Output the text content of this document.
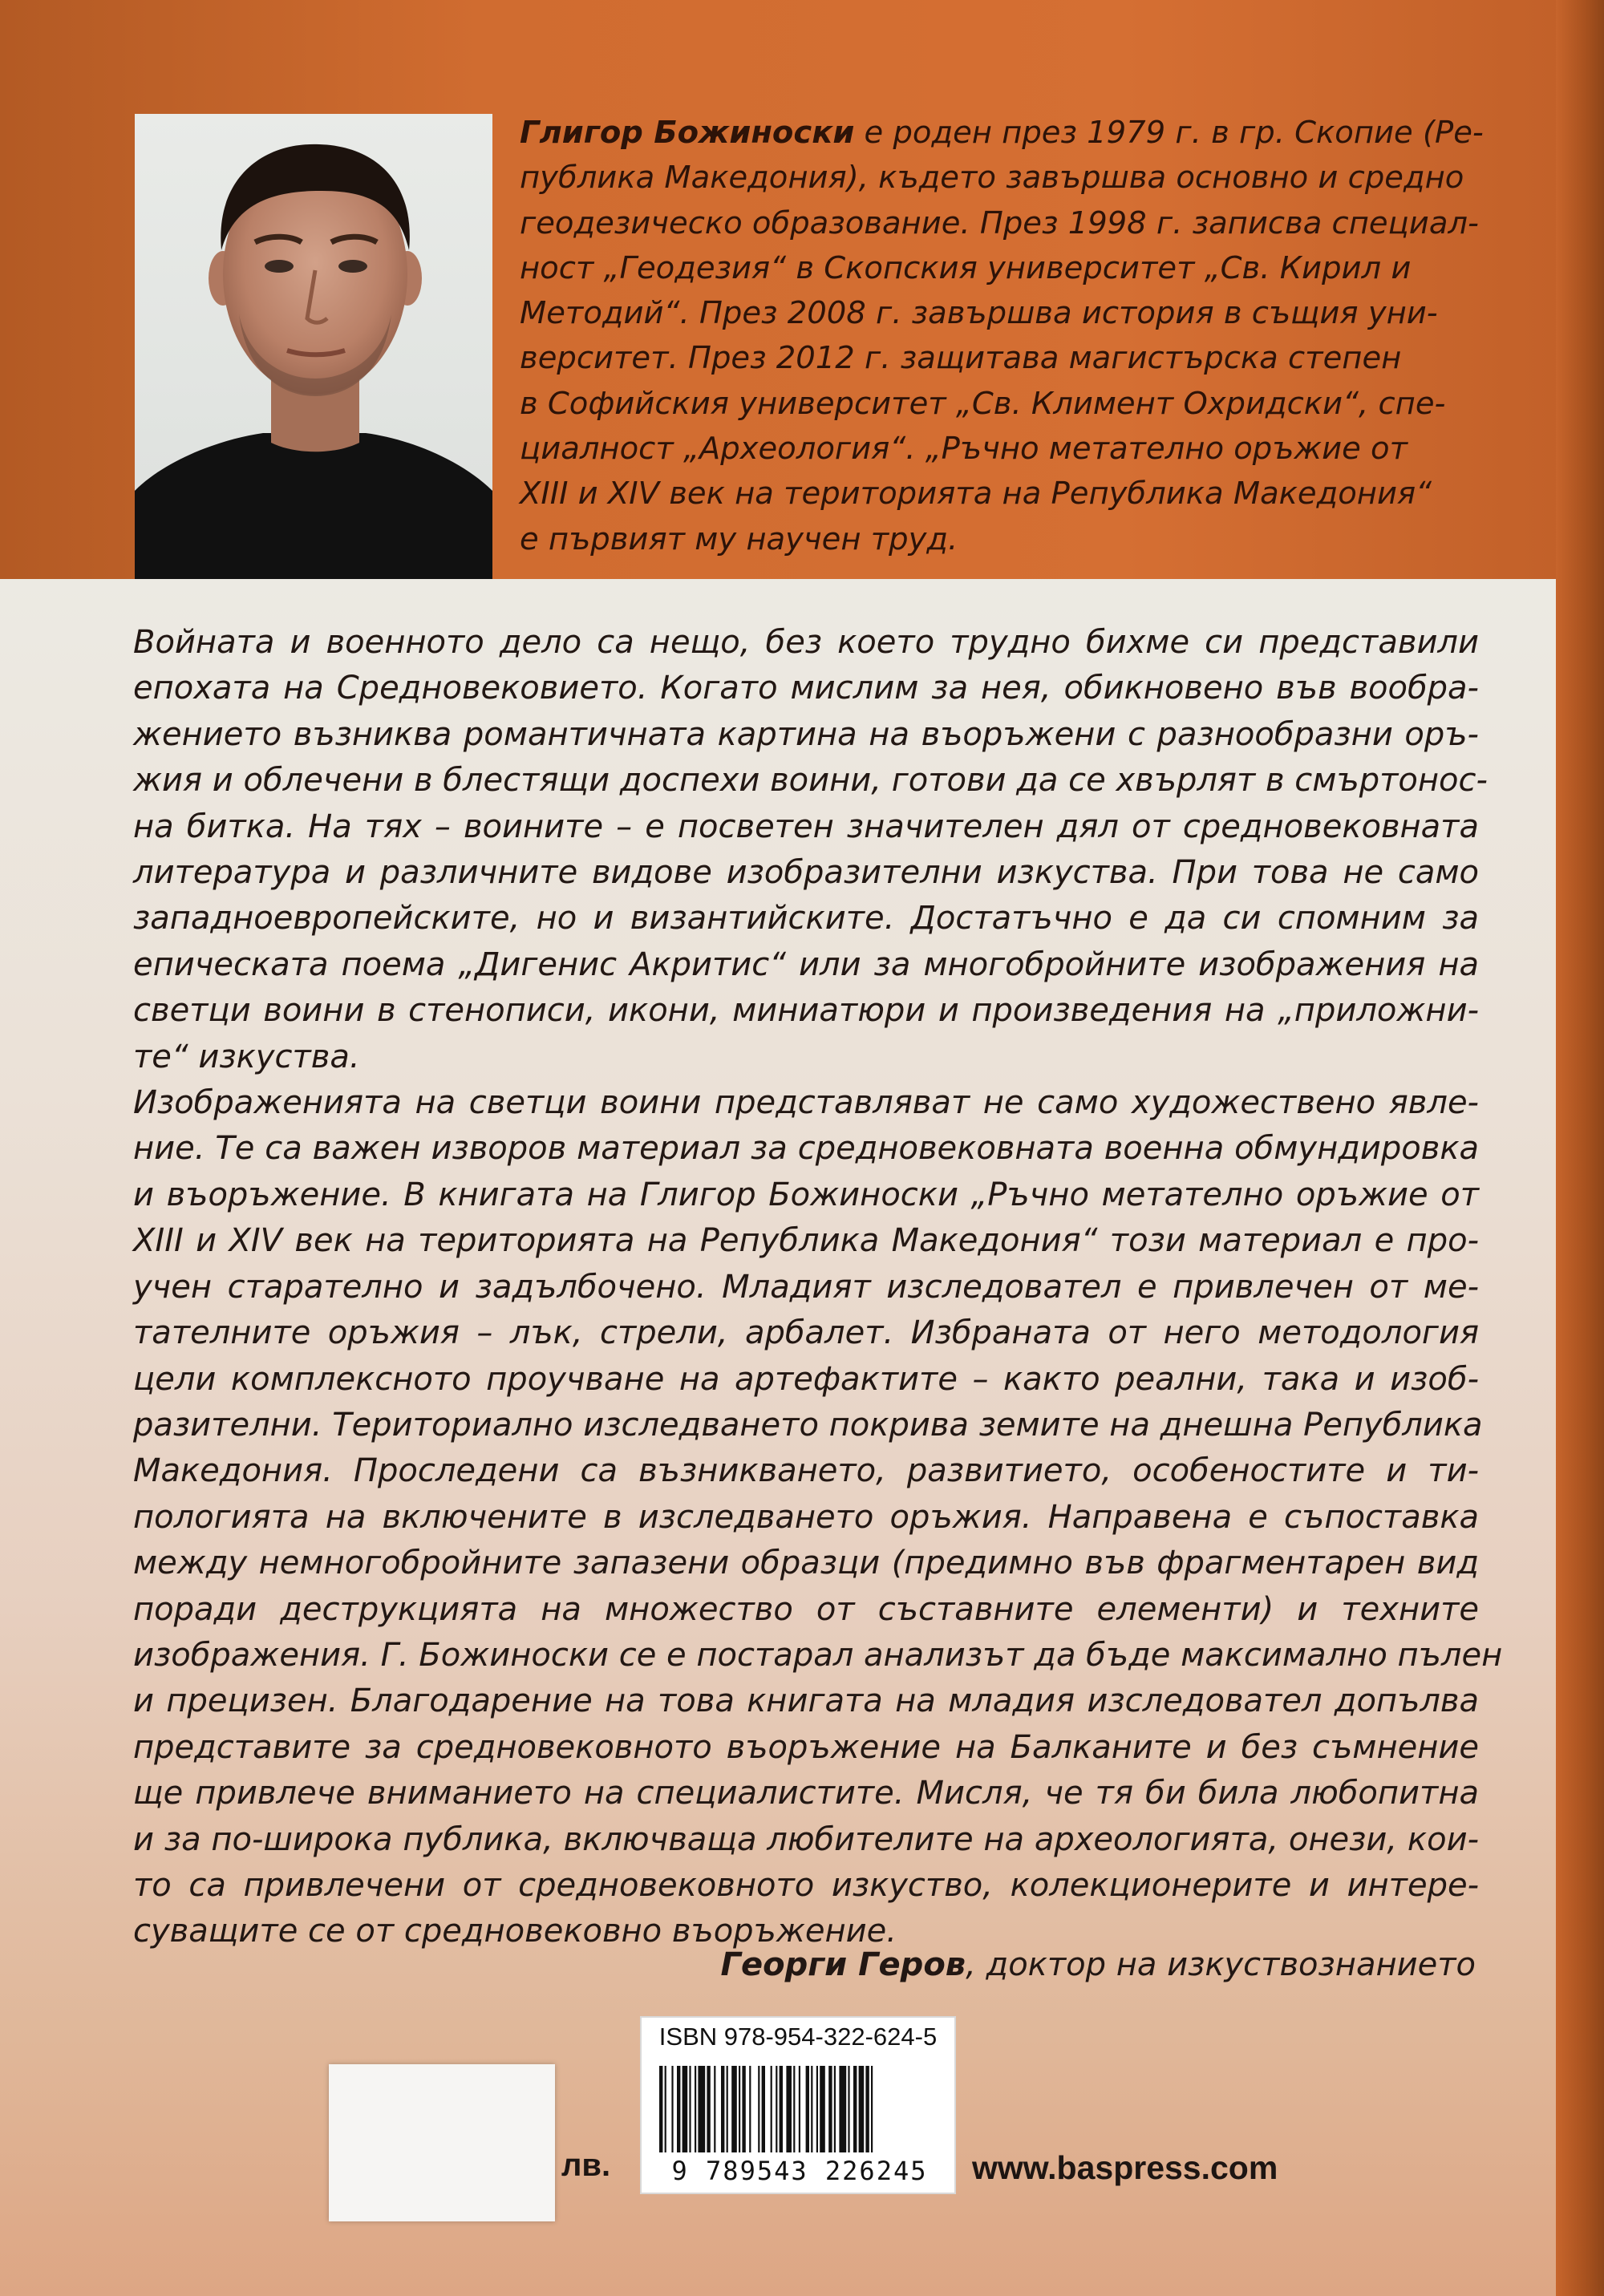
Глигор Божиноски е роден през 1979 г. в гр. Скопие (Ре-
публика Македония), където завършва основно и средно
геодезическо образование. През 1998 г. записва специал-
ност „Геодезия“ в Скопския университет „Св. Кирил и
Методий“. През 2008 г. завършва история в същия уни-
верситет. През 2012 г. защитава магистърска степен
в Софийския университет „Св. Климент Охридски“, спе-
циалност „Археология“. „Ръчно метателно оръжие от
XIII и XIV век на територията на Република Македония“
е първият му научен труд.
Войната и военното дело са нещо, без което трудно бихме си представили
епохата на Средновековието. Когато мислим за нея, обикновено във вообра-
жението възниква романтичната картина на въоръжени с разнообразни оръ-
жия и облечени в блестящи доспехи воини, готови да се хвърлят в смъртонос-
на битка. На тях – воините – е посветен значителен дял от средновековната
литература и различните видове изобразителни изкуства. При това не само
западноевропейските, но и византийските. Достатъчно е да си спомним за
епическата поема „Дигенис Акритис“ или за многобройните изображения на
светци воини в стенописи, икони, миниатюри и произведения на „приложни-
те“ изкуства.
Изображенията на светци воини представляват не само художествено явле-
ние. Те са важен изворов материал за средновековната военна обмундировка
и въоръжение. В книгата на Глигор Божиноски „Ръчно метателно оръжие от
XIII и XIV век на територията на Република Македония“ този материал е про-
учен старателно и задълбочено. Младият изследовател е привлечен от ме-
тателните оръжия – лък, стрели, арбалет. Избраната от него методология
цели комплексното проучване на артефактите – както реални, така и изоб-
разителни. Териториално изследването покрива земите на днешна Република
Македония. Проследени са възникването, развитието, особеностите и ти-
пологията на включените в изследването оръжия. Направена е съпоставка
между немногобройните запазени образци (предимно във фрагментарен вид
поради деструкцията на множество от съставните елементи) и техните
изображения. Г. Божиноски се е постарал анализът да бъде максимално пълен
и прецизен. Благодарение на това книгата на младия изследовател допълва
представите за средновековното въоръжение на Балканите и без съмнение
ще привлече вниманието на специалистите. Мисля, че тя би била любопитна
и за по-широка публика, включваща любителите на археологията, онези, кои-
то са привлечени от средновековното изкуство, колекционерите и интере-
суващите се от средновековно въоръжение.
Георги Геров, доктор на изкуствознанието
лв.
ISBN 978-954-322-624-5
9 789543 226245	www.baspress.com
